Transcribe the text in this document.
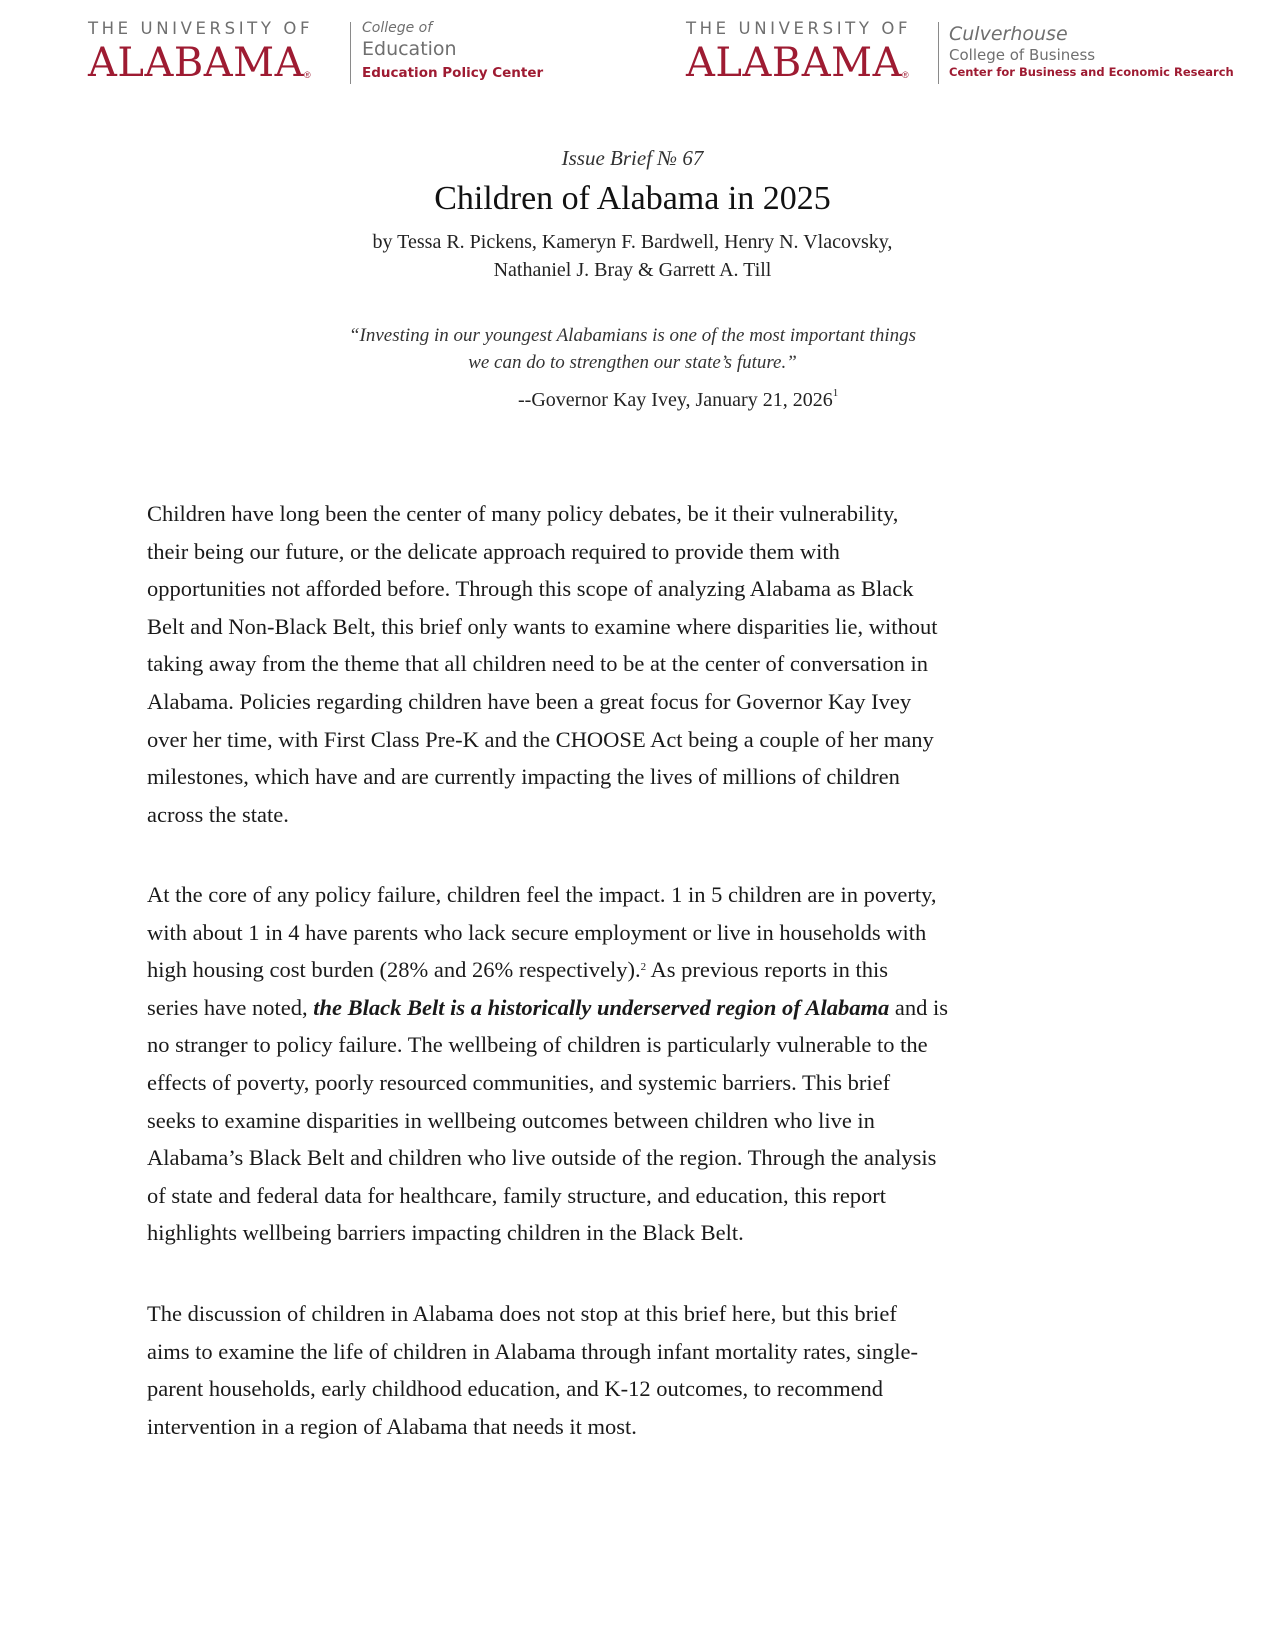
THE UNIVERSITY OF
ALABAMA®
College of
Education
Education Policy Center
THE UNIVERSITY OF
ALABAMA®
Culverhouse
College of Business
Center for Business and Economic Research
Issue Brief № 67
Children of Alabama in 2025
by Tessa R. Pickens, Kameryn F. Bardwell, Henry N. Vlacovsky,
Nathaniel J. Bray & Garrett A. Till
“Investing in our youngest Alabamians is one of the most important things
we can do to strengthen our state’s future.”
--Governor Kay Ivey, January 21, 2026$^1$

Children have long been the center of many policy debates, be it their vulnerability,
their being our future, or the delicate approach required to provide them with
opportunities not afforded before. Through this scope of analyzing Alabama as Black
Belt and Non-Black Belt, this brief only wants to examine where disparities lie, without
taking away from the theme that all children need to be at the center of conversation in
Alabama. Policies regarding children have been a great focus for Governor Kay Ivey
over her time, with First Class Pre-K and the CHOOSE Act being a couple of her many
milestones, which have and are currently impacting the lives of millions of children
across the state.

At the core of any policy failure, children feel the impact. 1 in 5 children are in poverty,
with about 1 in 4 have parents who lack secure employment or live in households with
high housing cost burden (28% and 26% respectively).$^2$ As previous reports in this
series have noted, the Black Belt is a historically underserved region of Alabama and is
no stranger to policy failure. The wellbeing of children is particularly vulnerable to the
effects of poverty, poorly resourced communities, and systemic barriers. This brief
seeks to examine disparities in wellbeing outcomes between children who live in
Alabama’s Black Belt and children who live outside of the region. Through the analysis
of state and federal data for healthcare, family structure, and education, this report
highlights wellbeing barriers impacting children in the Black Belt.

The discussion of children in Alabama does not stop at this brief here, but this brief
aims to examine the life of children in Alabama through infant mortality rates, single-
parent households, early childhood education, and K-12 outcomes, to recommend
intervention in a region of Alabama that needs it most.
